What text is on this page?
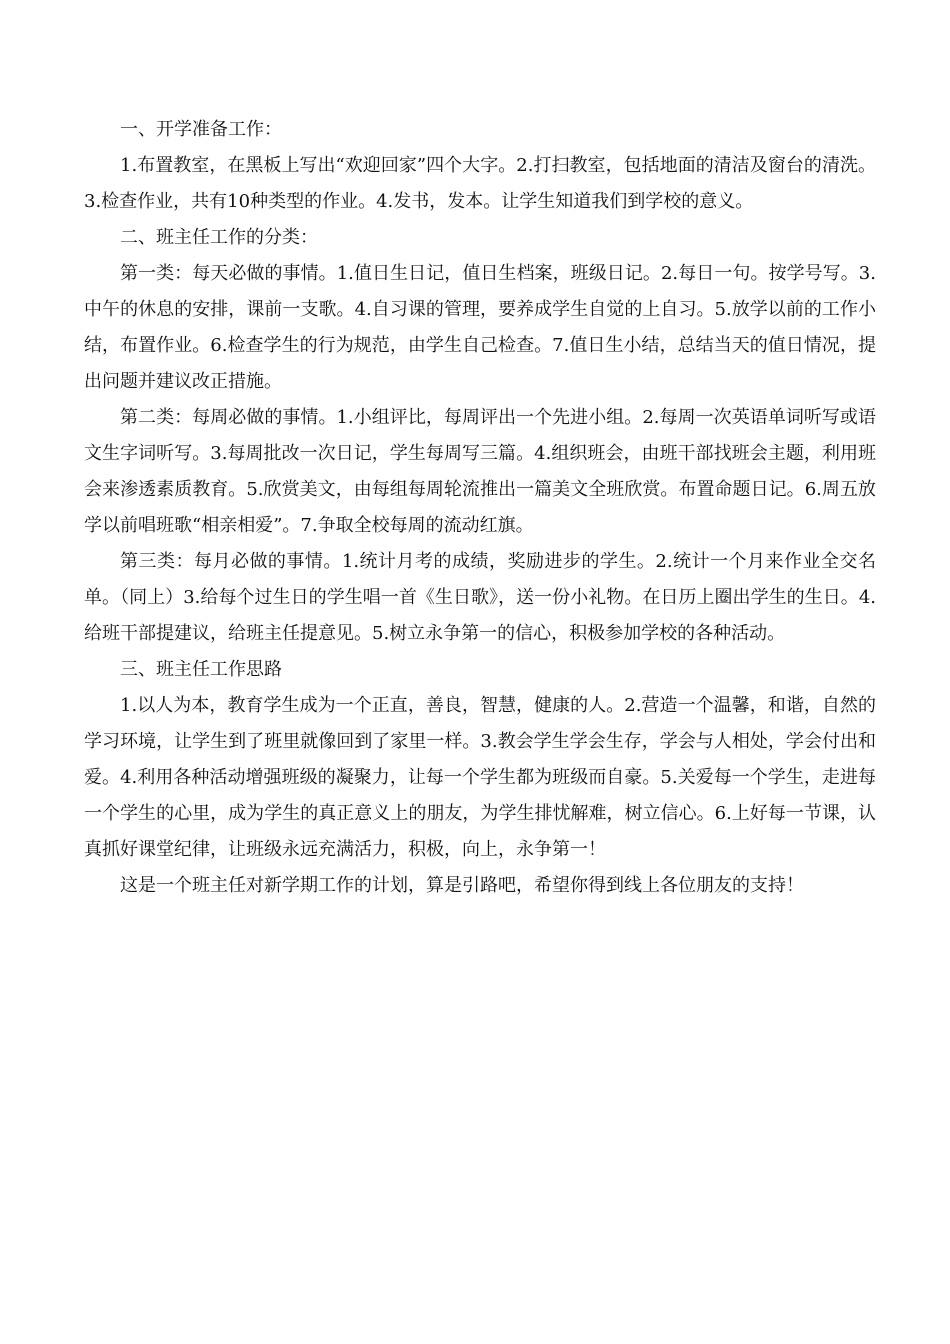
一、开学准备工作：

1.布置教室，在黑板上写出“欢迎回家”四个大字。2.打扫教室，包括地面的清洁及窗台的清洗。3.检查作业，共有10种类型的作业。4.发书，发本。让学生知道我们到学校的意义。

二、班主任工作的分类：

第一类：每天必做的事情。1.值日生日记，值日生档案，班级日记。2.每日一句。按学号写。3.中午的休息的安排，课前一支歌。4.自习课的管理，要养成学生自觉的上自习。5.放学以前的工作小结，布置作业。6.检查学生的行为规范，由学生自己检查。7.值日生小结，总结当天的值日情况，提出问题并建议改正措施。

第二类：每周必做的事情。1.小组评比，每周评出一个先进小组。2.每周一次英语单词听写或语文生字词听写。3.每周批改一次日记，学生每周写三篇。4.组织班会，由班干部找班会主题，利用班会来渗透素质教育。5.欣赏美文，由每组每周轮流推出一篇美文全班欣赏。布置命题日记。6.周五放学以前唱班歌“相亲相爱”。7.争取全校每周的流动红旗。

第三类：每月必做的事情。1.统计月考的成绩，奖励进步的学生。2.统计一个月来作业全交名单。（同上）3.给每个过生日的学生唱一首《生日歌》，送一份小礼物。在日历上圈出学生的生日。4.给班干部提建议，给班主任提意见。5.树立永争第一的信心，积极参加学校的各种活动。

三、班主任工作思路

1.以人为本，教育学生成为一个正直，善良，智慧，健康的人。2.营造一个温馨，和谐，自然的学习环境，让学生到了班里就像回到了家里一样。3.教会学生学会生存，学会与人相处，学会付出和爱。4.利用各种活动增强班级的凝聚力，让每一个学生都为班级而自豪。5.关爱每一个学生，走进每一个学生的心里，成为学生的真正意义上的朋友，为学生排忧解难，树立信心。6.上好每一节课，认真抓好课堂纪律，让班级永远充满活力，积极，向上，永争第一！

这是一个班主任对新学期工作的计划，算是引路吧，希望你得到线上各位朋友的支持！
